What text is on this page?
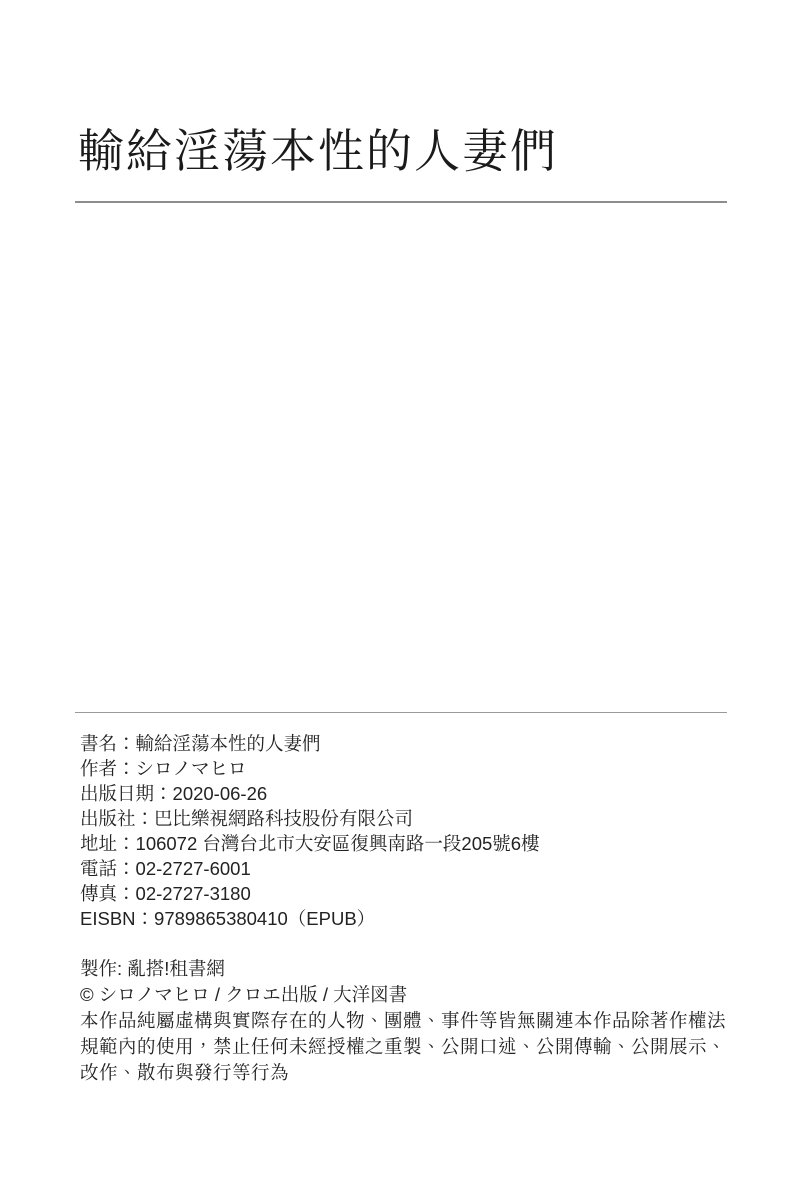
輸給淫蕩本性的人妻們
書名：輸給淫蕩本性的人妻們
作者：シロノマヒロ
出版日期：2020-06-26
出版社：巴比樂視網路科技股份有限公司
地址：106072 台灣台北市大安區復興南路一段205號6樓
電話：02-2727-6001
傳真：02-2727-3180
EISBN：9789865380410（EPUB）
製作: 亂搭!租書網
© シロノマヒロ / クロエ出版 / 大洋図書

本作品純屬虛構與實際存在的人物、團體、事件等皆無關連本作品除著作權法規範內的使用，禁止任何未經授權之重製、公開口述、公開傳輸、公開展示、改作、散布與發行等行為
